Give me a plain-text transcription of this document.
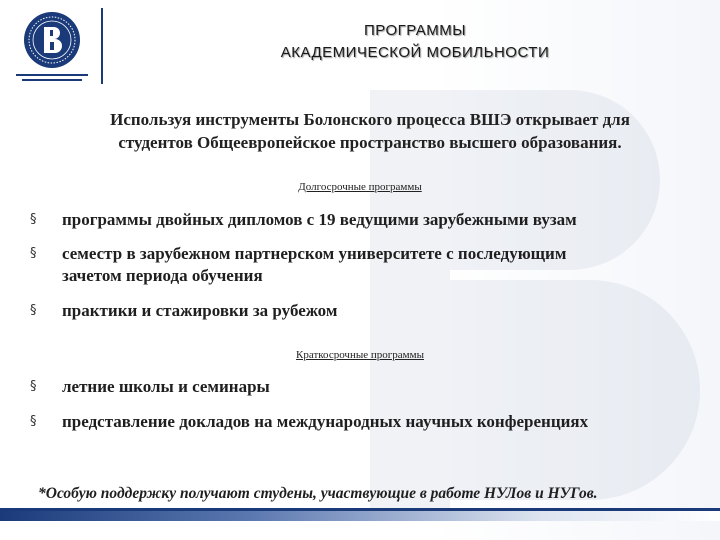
ПРОГРАММЫ
АКАДЕМИЧЕСКОЙ МОБИЛЬНОСТИ
Используя инструменты Болонского процесса ВШЭ открывает для
студентов Общеевропейское пространство высшего образования.
Долгосрочные программы
§ программы двойных дипломов с 19 ведущими зарубежными вузам
§ семестр в зарубежном партнерском университете с последующим
зачетом периода обучения
§ практики и стажировки за рубежом
Краткосрочные программы
§ летние школы и семинары
§ представление докладов на международных научных конференциях
*Особую поддержку получают студены, участвующие в работе НУЛов и НУГов.
